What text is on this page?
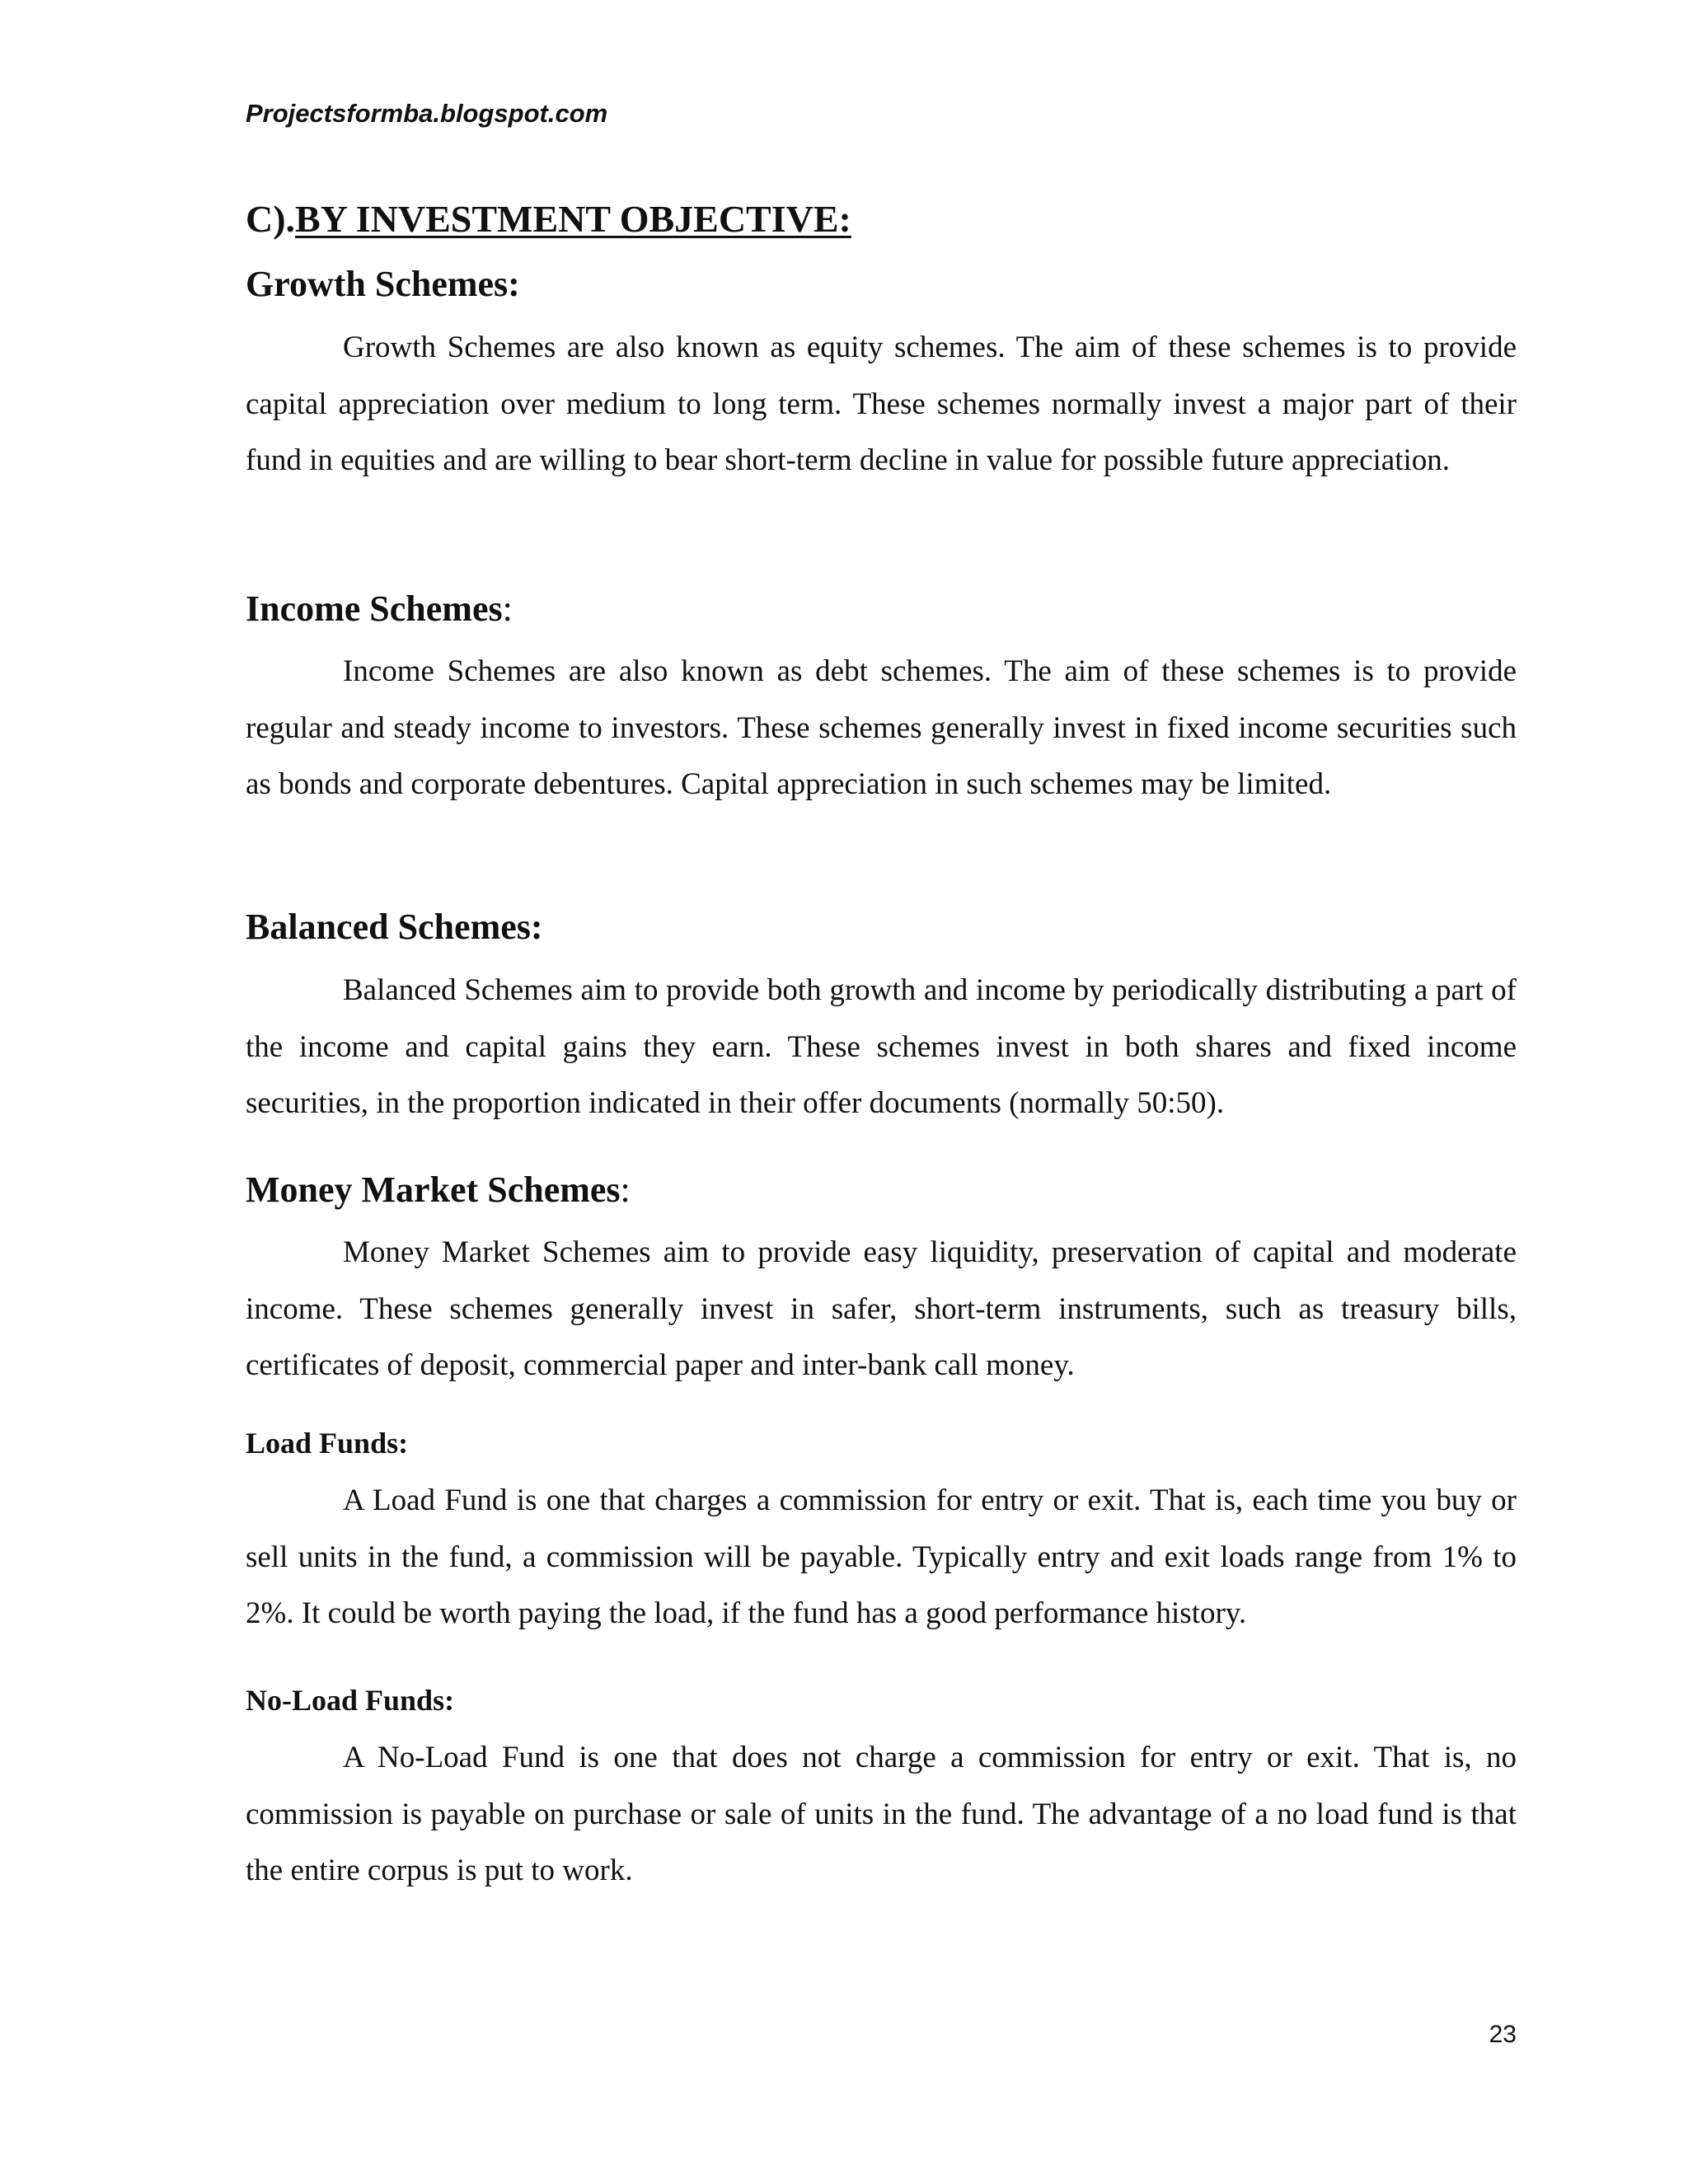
Projectsformba.blogspot.com
C).BY INVESTMENT OBJECTIVE:
Growth Schemes:

Growth Schemes are also known as equity schemes. The aim of these schemes is to provide capital appreciation over medium to long term. These schemes normally invest a major part of their fund in equities and are willing to bear short-term decline in value for possible future appreciation.

Income Schemes:

Income Schemes are also known as debt schemes. The aim of these schemes is to provide regular and steady income to investors. These schemes generally invest in fixed income securities such as bonds and corporate debentures. Capital appreciation in such schemes may be limited.

Balanced Schemes:

Balanced Schemes aim to provide both growth and income by periodically distributing a part of the income and capital gains they earn. These schemes invest in both shares and fixed income securities, in the proportion indicated in their offer documents (normally 50:50).

Money Market Schemes:

Money Market Schemes aim to provide easy liquidity, preservation of capital and moderate income. These schemes generally invest in safer, short-term instruments, such as treasury bills, certificates of deposit, commercial paper and inter-bank call money.

Load Funds:

A Load Fund is one that charges a commission for entry or exit. That is, each time you buy or sell units in the fund, a commission will be payable. Typically entry and exit loads range from 1% to 2%. It could be worth paying the load, if the fund has a good performance history.

No-Load Funds:

A No-Load Fund is one that does not charge a commission for entry or exit. That is, no commission is payable on purchase or sale of units in the fund. The advantage of a no load fund is that the entire corpus is put to work.

23
